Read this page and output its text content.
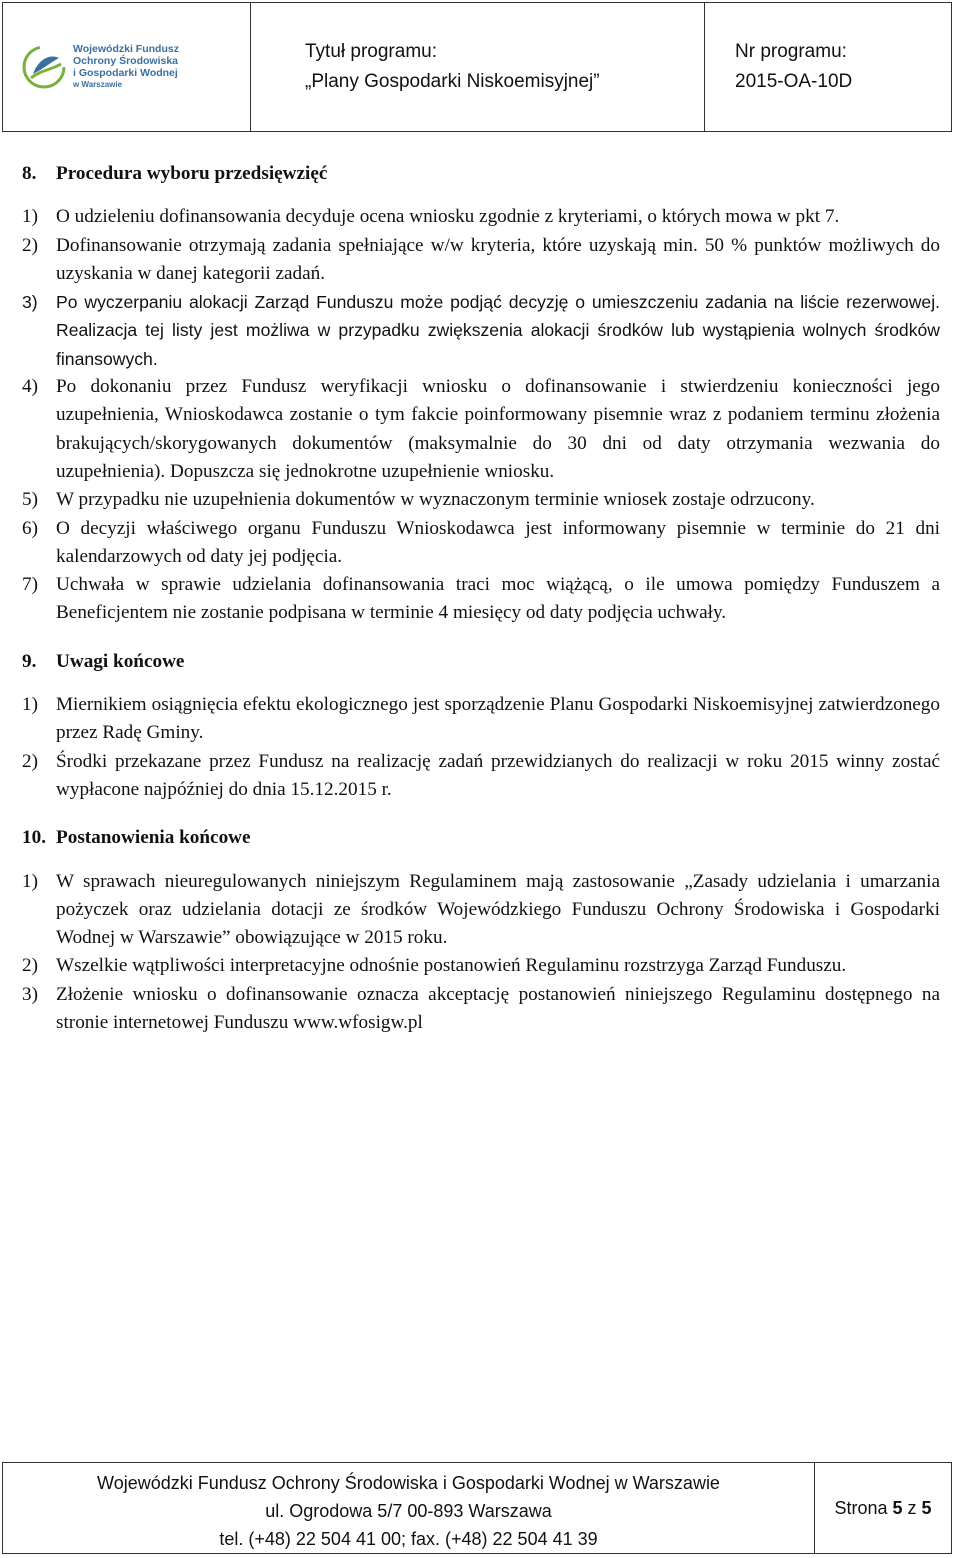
Wojewódzki Fundusz
Ochrony Środowiska
i Gospodarki Wodnej
w Warszawie
Tytuł programu:
„Plany Gospodarki Niskoemisyjnej”
Nr programu:
2015-OA-10D
8.	Procedura wyboru przedsięwzięć
1) O udzieleniu dofinansowania decyduje ocena wniosku zgodnie z kryteriami, o których mowa w pkt 7.
2) Dofinansowanie otrzymają zadania spełniające w/w kryteria, które uzyskają min. 50 % punktów możliwych do uzyskania w danej kategorii zadań.
3)	Po wyczerpaniu alokacji Zarząd Funduszu może podjąć decyzję o umieszczeniu zadania na liście rezerwowej. Realizacja tej listy jest możliwa w przypadku zwiększenia alokacji środków lub wystąpienia wolnych środków finansowych.
4) Po dokonaniu przez Fundusz weryfikacji wniosku o dofinansowanie i stwierdzeniu konieczności jego uzupełnienia, Wnioskodawca zostanie o tym fakcie poinformowany pisemnie wraz z podaniem terminu złożenia brakujących/skorygowanych dokumentów (maksymalnie do 30 dni od daty otrzymania wezwania do uzupełnienia). Dopuszcza się jednokrotne uzupełnienie wniosku.
5) W przypadku nie uzupełnienia dokumentów w wyznaczonym terminie wniosek zostaje odrzucony.
6) O decyzji właściwego organu Funduszu Wnioskodawca jest informowany pisemnie w terminie do 21 dni kalendarzowych od daty jej podjęcia.
7) Uchwała w sprawie udzielania dofinansowania traci moc wiążącą, o ile umowa pomiędzy Funduszem a Beneficjentem nie zostanie podpisana w terminie 4 miesięcy od daty podjęcia uchwały.
9.	Uwagi końcowe
1) Miernikiem osiągnięcia efektu ekologicznego jest sporządzenie Planu Gospodarki Niskoemisyjnej zatwierdzonego przez Radę Gminy.
2) Środki przekazane przez Fundusz na realizację zadań przewidzianych do realizacji w roku 2015 winny zostać wypłacone najpóźniej do dnia 15.12.2015 r.
10. Postanowienia końcowe
1) W sprawach nieuregulowanych niniejszym Regulaminem mają zastosowanie „Zasady udzielania i umarzania pożyczek oraz udzielania dotacji ze środków Wojewódzkiego Funduszu Ochrony Środowiska i Gospodarki Wodnej w Warszawie” obowiązujące w 2015 roku.
2) Wszelkie wątpliwości interpretacyjne odnośnie postanowień Regulaminu rozstrzyga Zarząd Funduszu.
3) Złożenie wniosku o dofinansowanie oznacza akceptację postanowień niniejszego Regulaminu dostępnego na stronie internetowej Funduszu www.wfosigw.pl
Wojewódzki Fundusz Ochrony Środowiska i Gospodarki Wodnej w Warszawie
ul. Ogrodowa 5/7 00-893 Warszawa
tel. (+48) 22 504 41 00; fax. (+48) 22 504 41 39
Strona
5
z
5
